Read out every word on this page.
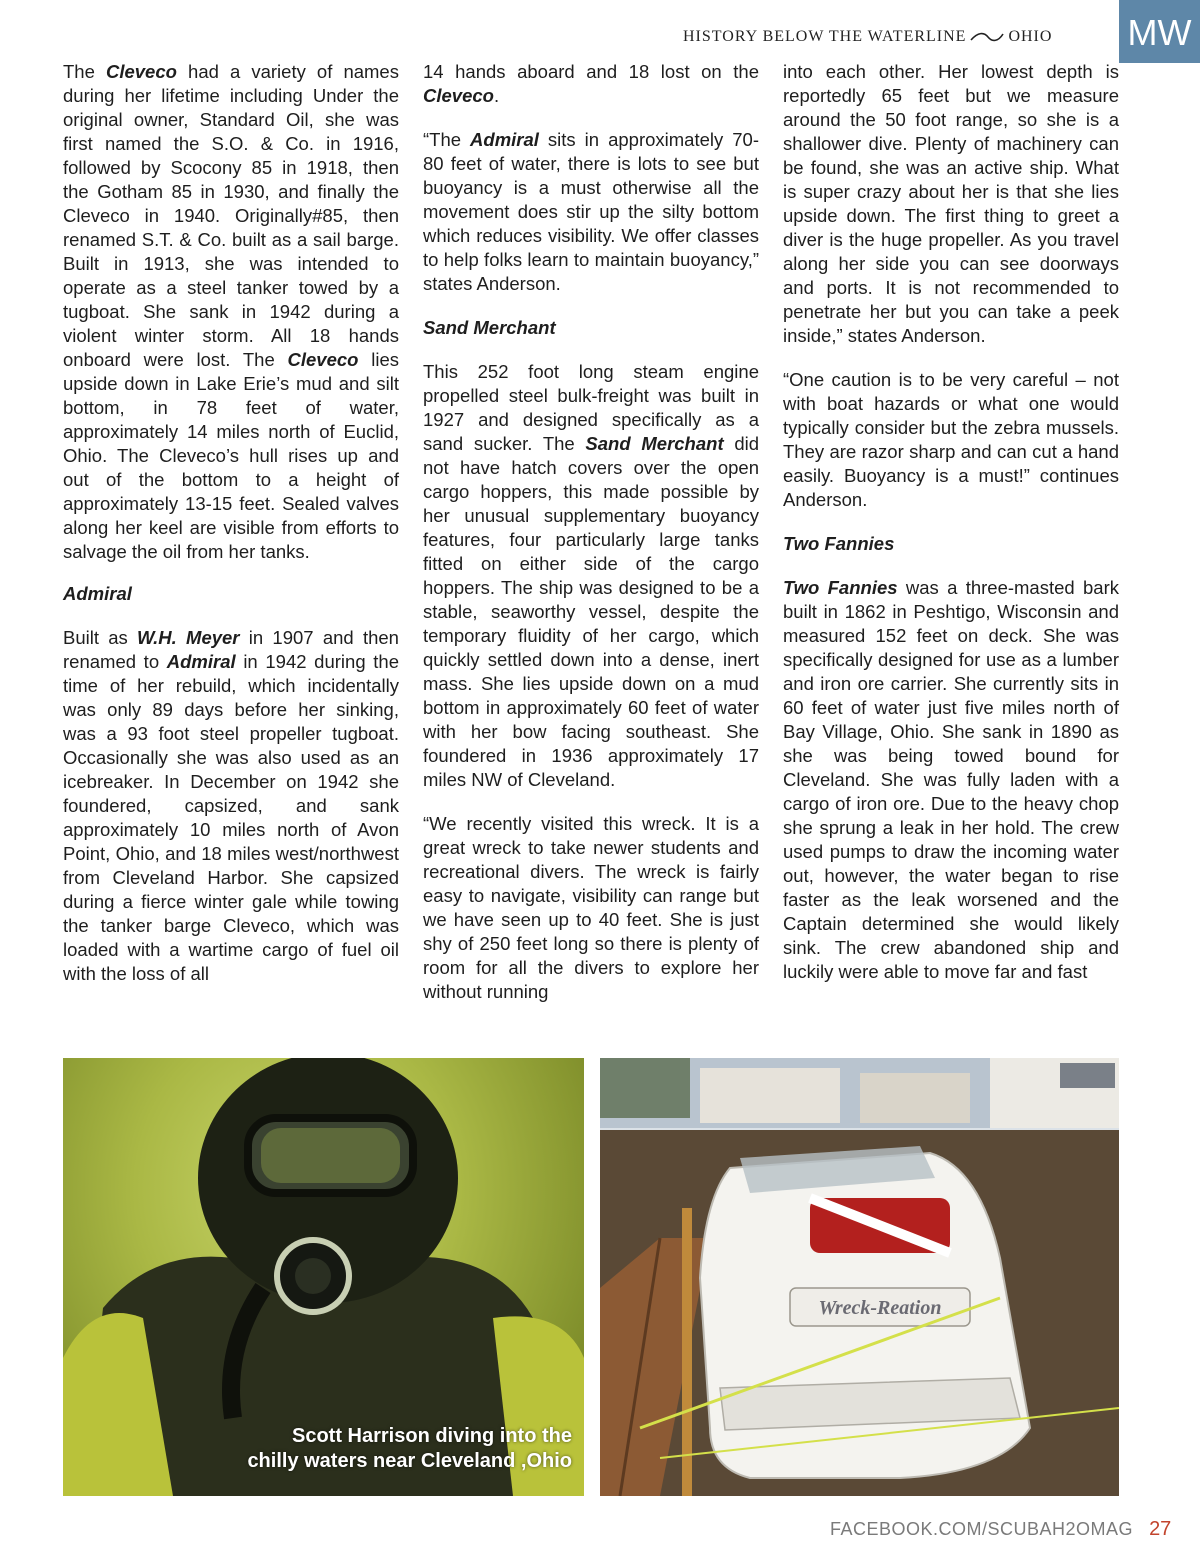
HISTORY BELOW THE WATERLINE	OHIO	MW

The Cleveco had a variety of names during her lifetime including Under the original owner, Standard Oil, she was first named the S.O. & Co. in 1916, followed by Scocony 85 in 1918, then the Gotham 85 in 1930, and finally the Cleveco in 1940. Originally#85, then renamed S.T. & Co. built as a sail barge. Built in 1913, she was intended to operate as a steel tanker towed by a tugboat. She sank in 1942 during a violent winter storm. All 18 hands onboard were lost. The Cleveco lies upside down in Lake Erie’s mud and silt bottom, in 78 feet of water, approximately 14 miles north of Euclid, Ohio. The Cleveco’s hull rises up and out of the bottom to a height of approximately 13-15 feet. Sealed valves along her keel are visible from efforts to salvage the oil from her tanks.

Admiral

Built as W.H. Meyer in 1907 and then renamed to Admiral in 1942 during the time of her rebuild, which incidentally was only 89 days before her sinking, was a 93 foot steel propeller tugboat. Occasionally she was also used as an icebreaker. In December on 1942 she foundered, capsized, and sank approximately 10 miles north of Avon Point, Ohio, and 18 miles west/northwest from Cleveland Harbor. She capsized during a fierce winter gale while towing the tanker barge Cleveco, which was loaded with a wartime cargo of fuel oil with the loss of all

14 hands aboard and 18 lost on the Cleveco.

“The Admiral sits in approximately 70-80 feet of water, there is lots to see but buoyancy is a must otherwise all the movement does stir up the silty bottom which reduces visibility. We offer classes to help folks learn to maintain buoyancy,” states Anderson.

Sand Merchant

This 252 foot long steam engine propelled steel bulk-freight was built in 1927 and designed specifically as a sand sucker. The Sand Merchant did not have hatch covers over the open cargo hoppers, this made possible by her unusual supplementary buoyancy features, four particularly large tanks fitted on either side of the cargo hoppers. The ship was designed to be a stable, seaworthy vessel, despite the temporary fluidity of her cargo, which quickly settled down into a dense, inert mass. She lies upside down on a mud bottom in approximately 60 feet of water with her bow facing southeast. She foundered in 1936 approximately 17 miles NW of Cleveland.

“We recently visited this wreck. It is a great wreck to take newer students and recreational divers. The wreck is fairly easy to navigate, visibility can range but we have seen up to 40 feet. She is just shy of 250 feet long so there is plenty of room for all the divers to explore her without running

into each other. Her lowest depth is reportedly 65 feet but we measure around the 50 foot range, so she is a shallower dive. Plenty of machinery can be found, she was an active ship. What is super crazy about her is that she lies upside down. The first thing to greet a diver is the huge propeller. As you travel along her side you can see doorways and ports. It is not recommended to penetrate her but you can take a peek inside,” states Anderson.

“One caution is to be very careful – not with boat hazards or what one would typically consider but the zebra mussels. They are razor sharp and can cut a hand easily. Buoyancy is a must!” continues Anderson.

Two Fannies

Two Fannies was a three-masted bark built in 1862 in Peshtigo, Wisconsin and measured 152 feet on deck. She was specifically designed for use as a lumber and iron ore carrier. She currently sits in 60 feet of water just five miles north of Bay Village, Ohio. She sank in 1890 as she was being towed bound for Cleveland. She was fully laden with a cargo of iron ore. Due to the heavy chop she sprung a leak in her hold. The crew used pumps to draw the incoming water out, however, the water began to rise faster as the leak worsened and the Captain determined she would likely sink. The crew abandoned ship and luckily were able to move far and fast

Scott Harrison diving into the
chilly waters near Cleveland ,Ohio
Wreck-Reation
FACEBOOK.COM/SCUBAH2OMAG 27
